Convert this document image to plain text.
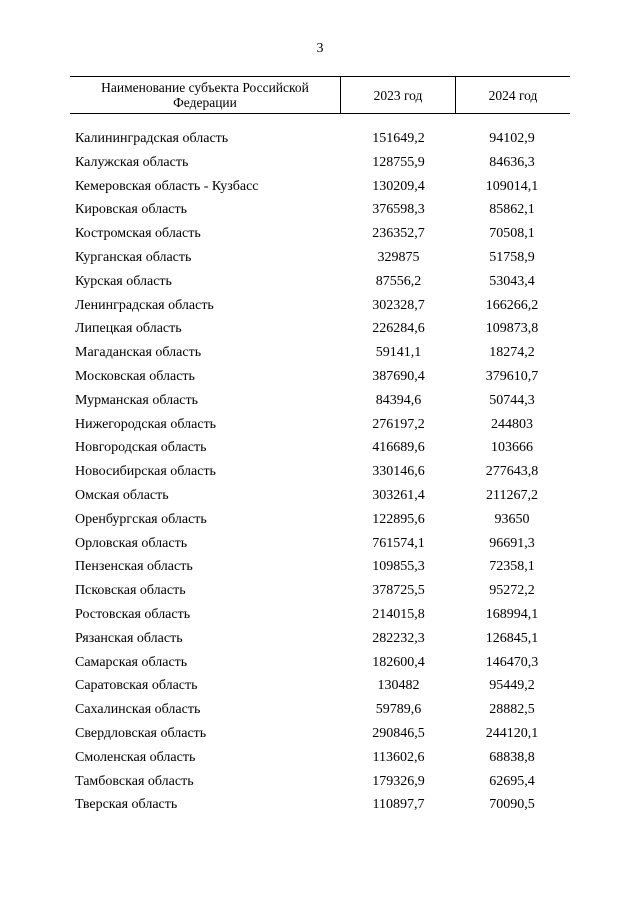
3
Наименование субъекта Российской Федерации	2023 год	2024 год
Калининградская область	151649,2	94102,9
Калужская область	128755,9	84636,3
Кемеровская область - Кузбасс	130209,4	109014,1
Кировская область	376598,3	85862,1
Костромская область	236352,7	70508,1
Курганская область	329875	51758,9
Курская область	87556,2	53043,4
Ленинградская область	302328,7	166266,2
Липецкая область	226284,6	109873,8
Магаданская область	59141,1	18274,2
Московская область	387690,4	379610,7
Мурманская область	84394,6	50744,3
Нижегородская область	276197,2	244803
Новгородская область	416689,6	103666
Новосибирская область	330146,6	277643,8
Омская область	303261,4	211267,2
Оренбургская область	122895,6	93650
Орловская область	761574,1	96691,3
Пензенская область	109855,3	72358,1
Псковская область	378725,5	95272,2
Ростовская область	214015,8	168994,1
Рязанская область	282232,3	126845,1
Самарская область	182600,4	146470,3
Саратовская область	130482	95449,2
Сахалинская область	59789,6	28882,5
Свердловская область	290846,5	244120,1
Смоленская область	113602,6	68838,8
Тамбовская область	179326,9	62695,4
Тверская область	110897,7	70090,5
